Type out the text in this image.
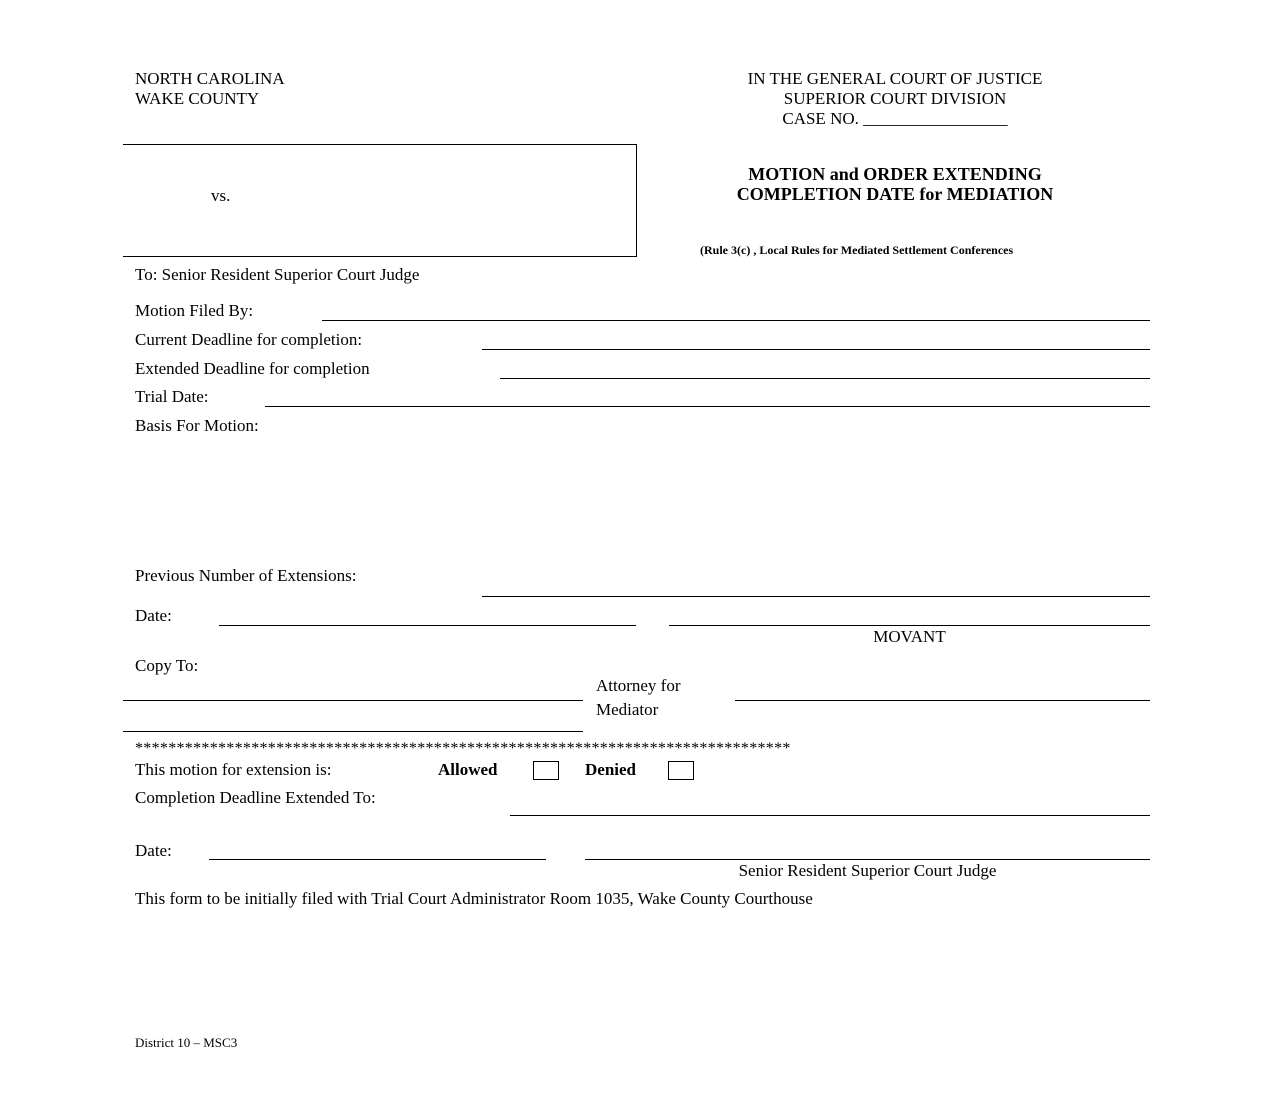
NORTH CAROLINA
WAKE COUNTY
IN THE GENERAL COURT OF JUSTICE
SUPERIOR COURT DIVISION
CASE NO. _________________
vs.
MOTION and ORDER EXTENDING
COMPLETION DATE for MEDIATION
(Rule 3(c) , Local Rules for Mediated Settlement Conferences
To: Senior Resident Superior Court Judge
Motion Filed By:
Current Deadline for completion:
Extended Deadline for completion
Trial Date:
Basis For Motion:
Previous Number of Extensions:
Date:
MOVANT
Copy To:
Attorney for
Mediator
*******************************************************************************
This motion for extension is:	Allowed	Denied
Completion Deadline Extended To:
Date:
Senior Resident Superior Court Judge
This form to be initially filed with Trial Court Administrator Room 1035, Wake County Courthouse
District 10 – MSC3
